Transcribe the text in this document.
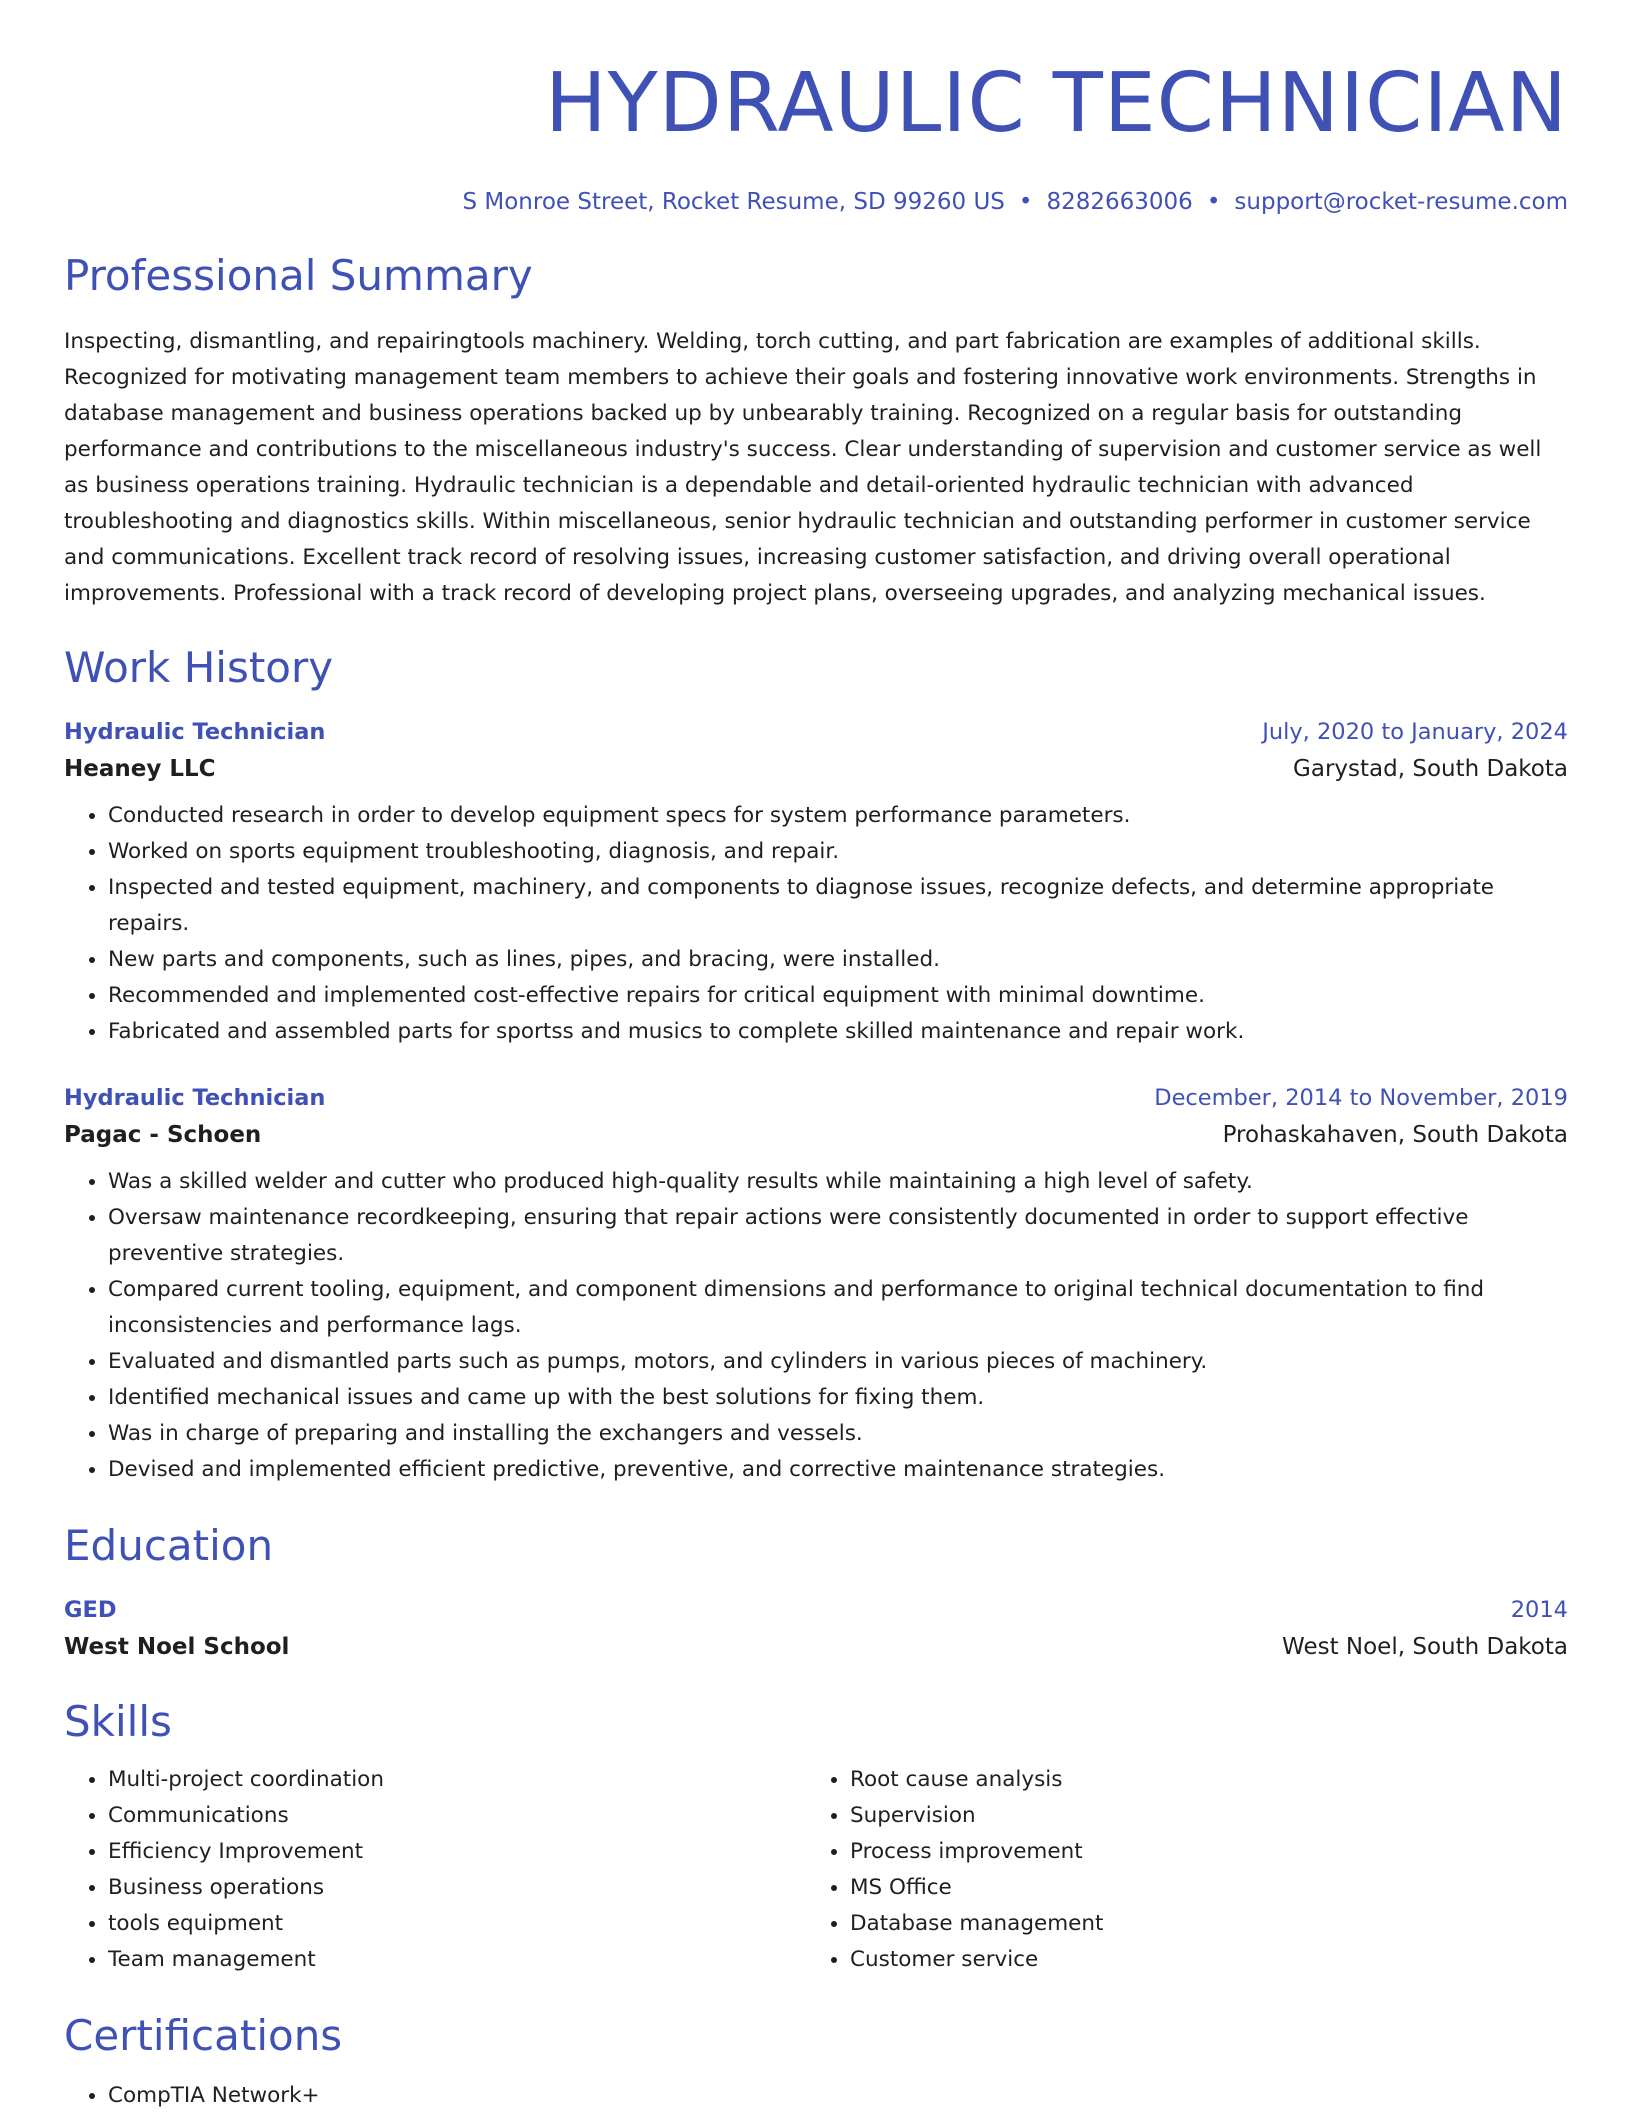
HYDRAULIC TECHNICIAN
S Monroe Street, Rocket Resume, SD 99260 US • 8282663006 • support@rocket-resume.com
Professional Summary
Inspecting, dismantling, and repairingtools machinery. Welding, torch cutting, and part fabrication are examples of additional skills. Recognized for motivating management team members to achieve their goals and fostering innovative work environments. Strengths in database management and business operations backed up by unbearably training. Recognized on a regular basis for outstanding performance and contributions to the miscellaneous industry's success. Clear understanding of supervision and customer service as well as business operations training. Hydraulic technician is a dependable and detail-oriented hydraulic technician with advanced troubleshooting and diagnostics skills. Within miscellaneous, senior hydraulic technician and outstanding performer in customer service and communications. Excellent track record of resolving issues, increasing customer satisfaction, and driving overall operational improvements. Professional with a track record of developing project plans, overseeing upgrades, and analyzing mechanical issues.
Work History
Hydraulic Technician	July, 2020 to January, 2024
Heaney LLC	Garystad, South Dakota
• Conducted research in order to develop equipment specs for system performance parameters.
• Worked on sports equipment troubleshooting, diagnosis, and repair.
• Inspected and tested equipment, machinery, and components to diagnose issues, recognize defects, and determine appropriate repairs.
• New parts and components, such as lines, pipes, and bracing, were installed.
• Recommended and implemented cost-effective repairs for critical equipment with minimal downtime.
• Fabricated and assembled parts for sportss and musics to complete skilled maintenance and repair work.
Hydraulic Technician	December, 2014 to November, 2019
Pagac - Schoen	Prohaskahaven, South Dakota
• Was a skilled welder and cutter who produced high-quality results while maintaining a high level of safety.
• Oversaw maintenance recordkeeping, ensuring that repair actions were consistently documented in order to support effective preventive strategies.
• Compared current tooling, equipment, and component dimensions and performance to original technical documentation to find inconsistencies and performance lags.
• Evaluated and dismantled parts such as pumps, motors, and cylinders in various pieces of machinery.
• Identified mechanical issues and came up with the best solutions for fixing them.
• Was in charge of preparing and installing the exchangers and vessels.
• Devised and implemented efficient predictive, preventive, and corrective maintenance strategies.
Education
GED	2014
West Noel School	West Noel, South Dakota
Skills
• Multi-project coordination
• Communications
• Efficiency Improvement
• Business operations
• tools equipment
• Team management
• Root cause analysis
• Supervision
• Process improvement
• MS Office
• Database management
• Customer service
Certifications
• CompTIA Network+
